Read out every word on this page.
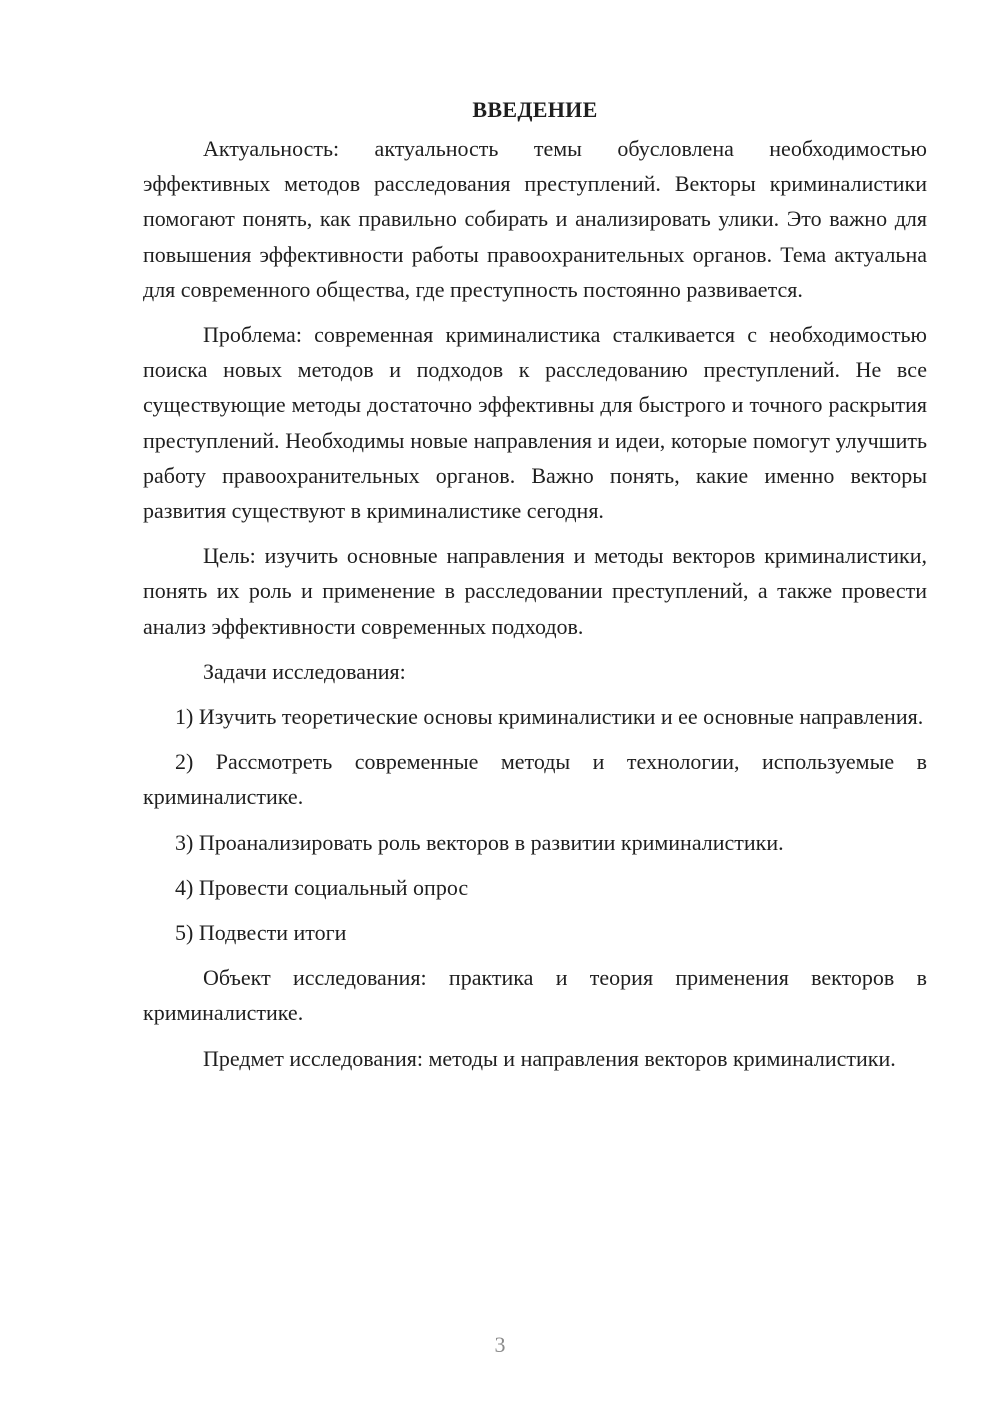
ВВЕДЕНИЕ

Актуальность: актуальность темы обусловлена необходимостью эффективных методов расследования преступлений. Векторы криминалистики помогают понять, как правильно собирать и анализировать улики. Это важно для повышения эффективности работы правоохранительных органов. Тема актуальна для современного общества, где преступность постоянно развивается.

Проблема: современная криминалистика сталкивается с необходимостью поиска новых методов и подходов к расследованию преступлений. Не все существующие методы достаточно эффективны для быстрого и точного раскрытия преступлений. Необходимы новые направления и идеи, которые помогут улучшить работу правоохранительных органов. Важно понять, какие именно векторы развития существуют в криминалистике сегодня.

Цель: изучить основные направления и методы векторов криминалистики, понять их роль и применение в расследовании преступлений, а также провести анализ эффективности современных подходов.

Задачи исследования:

1) Изучить теоретические основы криминалистики и ее основные направления.

2) Рассмотреть современные методы и технологии, используемые в криминалистике.

3) Проанализировать роль векторов в развитии криминалистики.

4) Провести социальный опрос

5) Подвести итоги

Объект исследования: практика и теория применения векторов в криминалистике.

Предмет исследования: методы и направления векторов криминалистики.

3
